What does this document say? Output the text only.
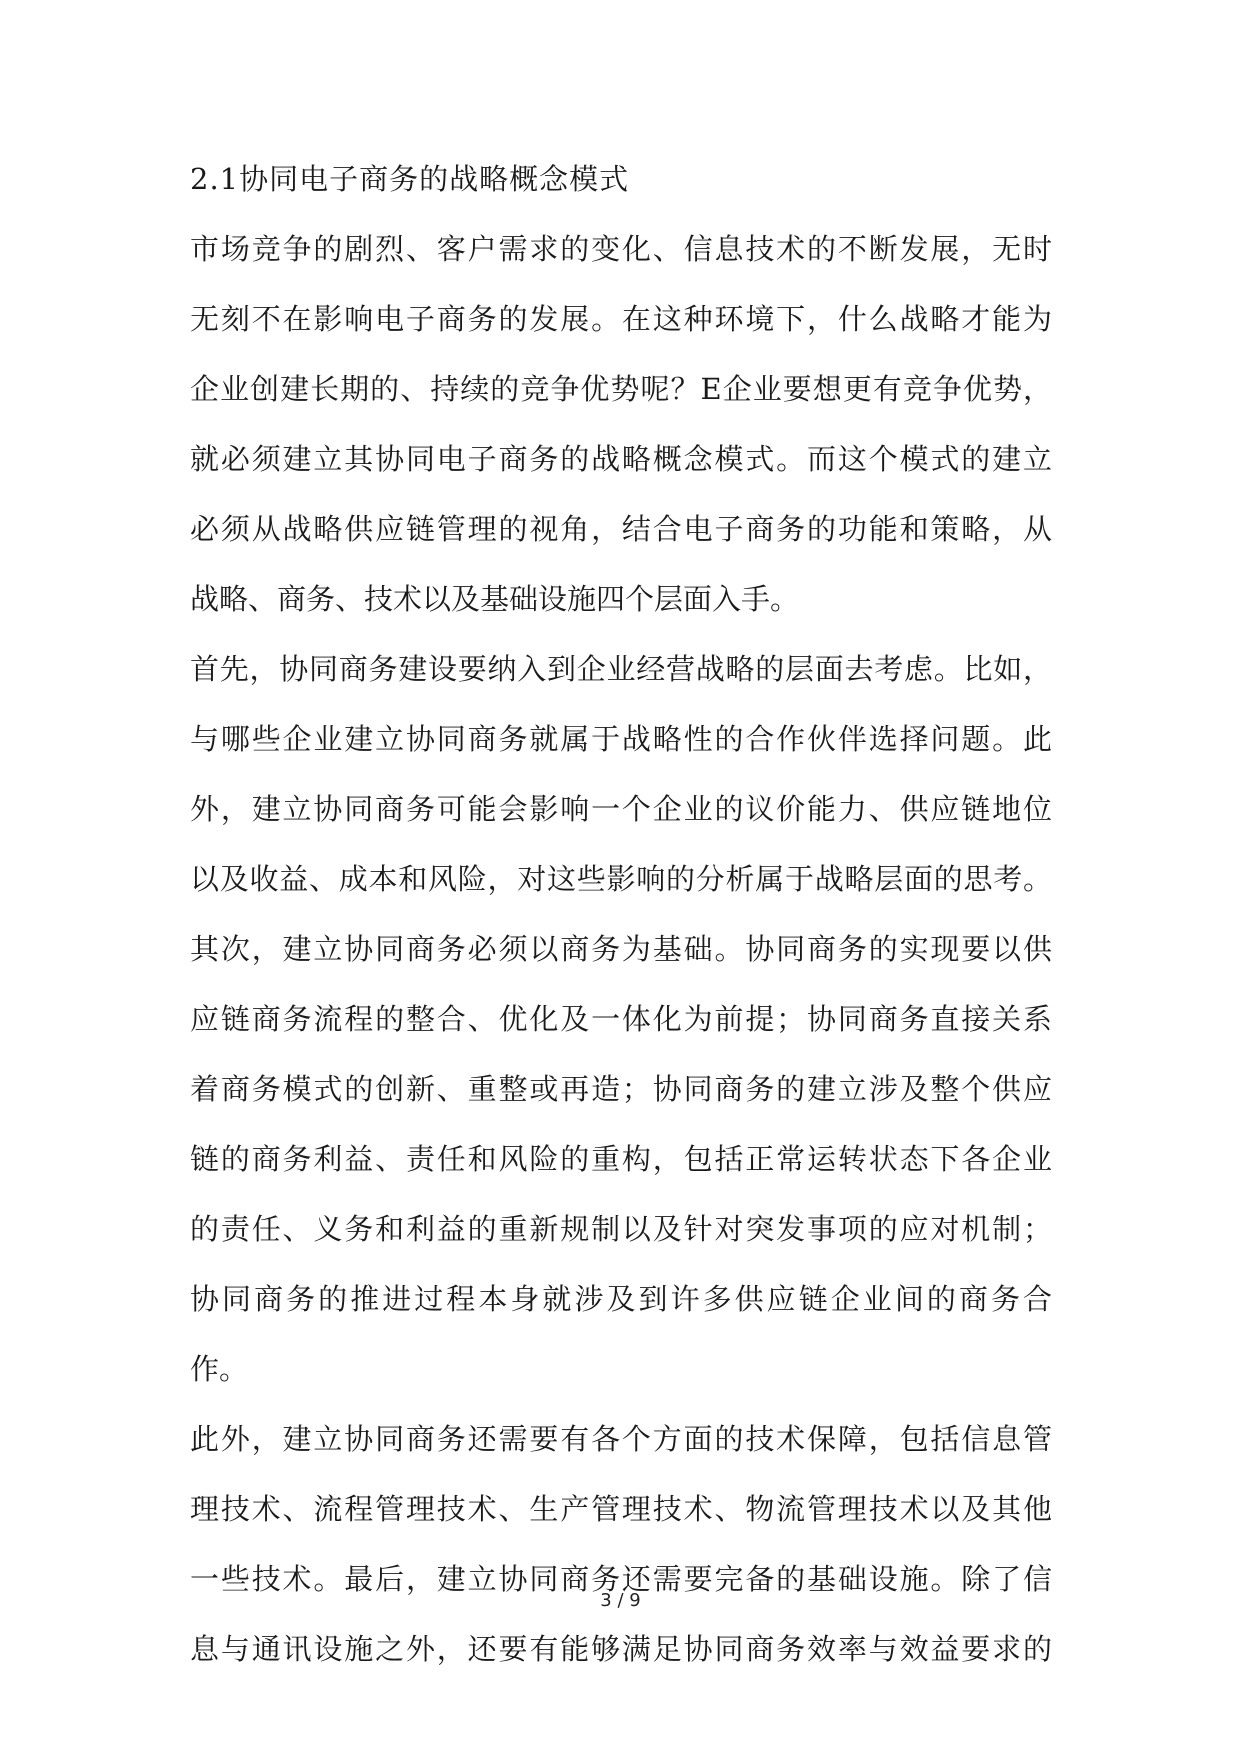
2.1协同电子商务的战略概念模式
市场竞争的剧烈、客户需求的变化、信息技术的不断发展，无时
无刻不在影响电子商务的发展。在这种环境下，什么战略才能为
企业创建长期的、持续的竞争优势呢？E企业要想更有竞争优势，
就必须建立其协同电子商务的战略概念模式。而这个模式的建立
必须从战略供应链管理的视角，结合电子商务的功能和策略，从
战略、商务、技术以及基础设施四个层面入手。
首先，协同商务建设要纳入到企业经营战略的层面去考虑。比如，
与哪些企业建立协同商务就属于战略性的合作伙伴选择问题。此
外，建立协同商务可能会影响一个企业的议价能力、供应链地位
以及收益、成本和风险，对这些影响的分析属于战略层面的思考。
其次，建立协同商务必须以商务为基础。协同商务的实现要以供
应链商务流程的整合、优化及一体化为前提；协同商务直接关系
着商务模式的创新、重整或再造；协同商务的建立涉及整个供应
链的商务利益、责任和风险的重构，包括正常运转状态下各企业
的责任、义务和利益的重新规制以及针对突发事项的应对机制；
协同商务的推进过程本身就涉及到许多供应链企业间的商务合
作。
此外，建立协同商务还需要有各个方面的技术保障，包括信息管
理技术、流程管理技术、生产管理技术、物流管理技术以及其他
一些技术。最后，建立协同商务还需要完备的基础设施。除了信
息与通讯设施之外，还要有能够满足协同商务效率与效益要求的
3 / 9
